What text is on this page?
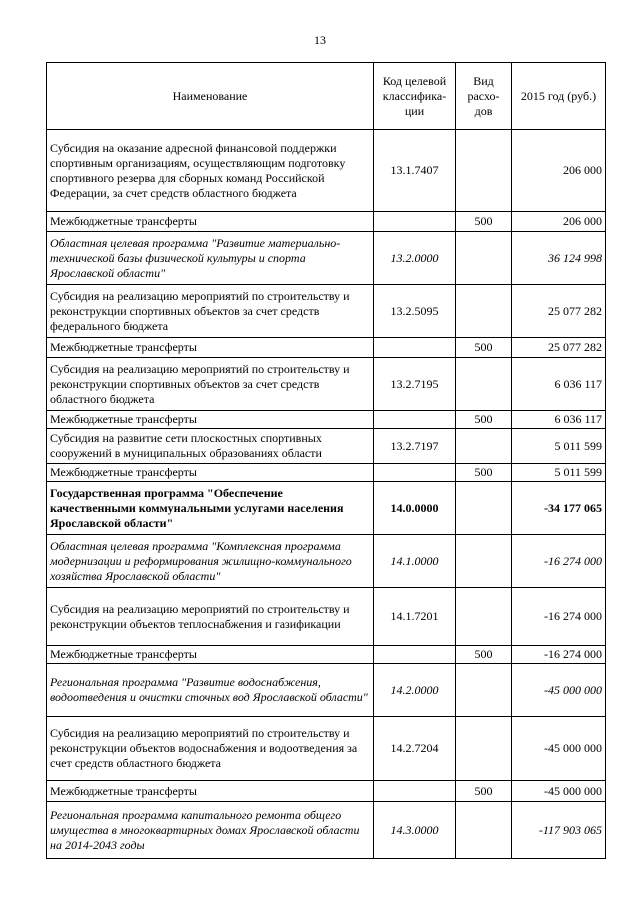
13
Наименование	Код целевой классифика-ции	Вид расхо-дов	2015 год (руб.)
Субсидия на оказание адресной финансовой поддержки спортивным организациям, осуществляющим подготовку спортивного резерва для сборных команд Российской Федерации, за счет средств областного бюджета	13.1.7407		206 000
Межбюджетные трансферты		500	206 000
Областная целевая программа "Развитие материально-технической базы физической культуры и спорта Ярославской области"	13.2.0000		36 124 998
Субсидия на реализацию мероприятий по строительству и реконструкции спортивных объектов за счет средств федерального бюджета	13.2.5095		25 077 282
Межбюджетные трансферты		500	25 077 282
Субсидия на реализацию мероприятий по строительству и реконструкции спортивных объектов за счет средств областного бюджета	13.2.7195		6 036 117
Межбюджетные трансферты		500	6 036 117
Субсидия на развитие сети плоскостных спортивных сооружений в муниципальных образованиях области	13.2.7197		5 011 599
Межбюджетные трансферты		500	5 011 599
Государственная программа "Обеспечение качественными коммунальными услугами населения Ярославской области"	14.0.0000		-34 177 065
Областная целевая программа "Комплексная программа модернизации и реформирования жилищно-коммунального хозяйства Ярославской области"	14.1.0000		-16 274 000
Субсидия на реализацию мероприятий по строительству и реконструкции объектов теплоснабжения и газификации	14.1.7201		-16 274 000
Межбюджетные трансферты		500	-16 274 000
Региональная программа "Развитие водоснабжения, водоотведения и очистки сточных вод Ярославской области"	14.2.0000		-45 000 000
Субсидия на реализацию мероприятий по строительству и реконструкции объектов водоснабжения и водоотведения за счет средств областного бюджета	14.2.7204		-45 000 000
Межбюджетные трансферты		500	-45 000 000
Региональная программа капитального ремонта общего имущества в многоквартирных домах Ярославской области на 2014-2043 годы	14.3.0000		-117 903 065
